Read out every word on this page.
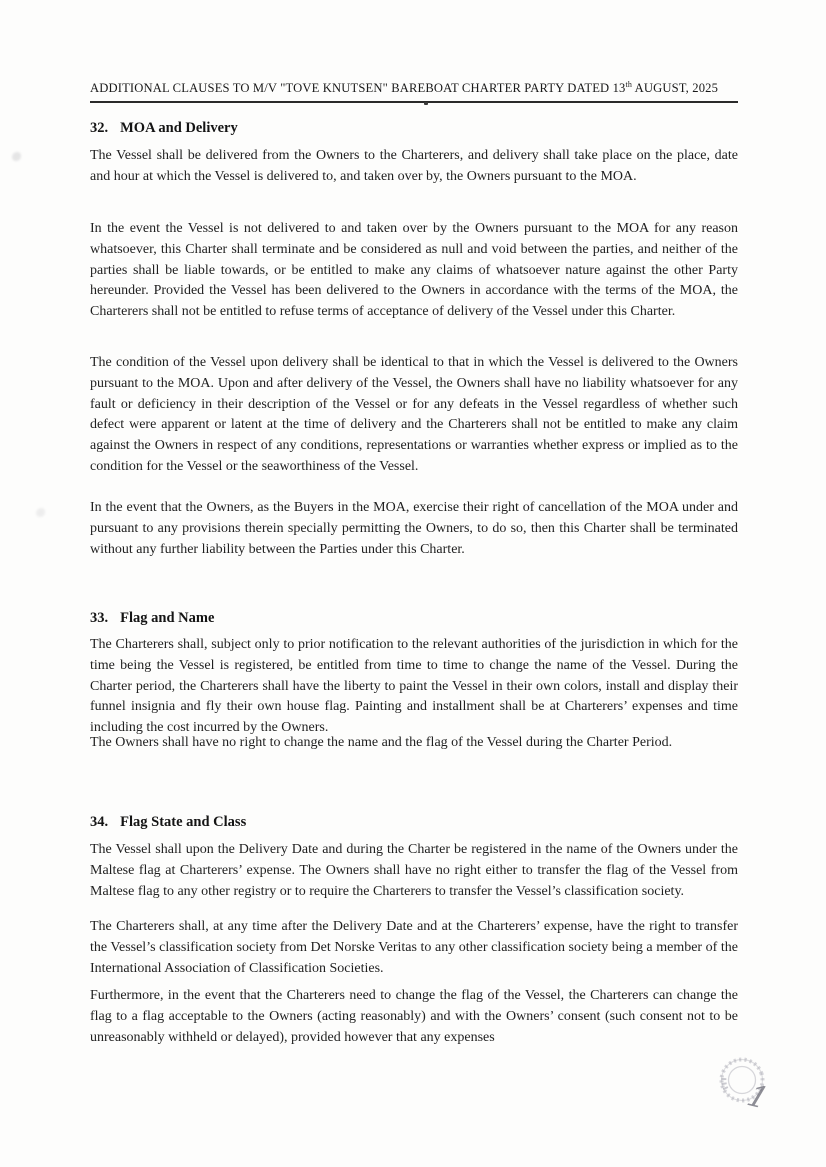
ADDITIONAL CLAUSES TO M/V "TOVE KNUTSEN" BAREBOAT CHARTER PARTY DATED 13th AUGUST, 2025
32. MOA and Delivery

The Vessel shall be delivered from the Owners to the Charterers, and delivery shall take place on the place, date and hour at which the Vessel is delivered to, and taken over by, the Owners pursuant to the MOA.

In the event the Vessel is not delivered to and taken over by the Owners pursuant to the MOA for any reason whatsoever, this Charter shall terminate and be considered as null and void between the parties, and neither of the parties shall be liable towards, or be entitled to make any claims of whatsoever nature against the other Party hereunder. Provided the Vessel has been delivered to the Owners in accordance with the terms of the MOA, the Charterers shall not be entitled to refuse terms of acceptance of delivery of the Vessel under this Charter.

The condition of the Vessel upon delivery shall be identical to that in which the Vessel is delivered to the Owners pursuant to the MOA. Upon and after delivery of the Vessel, the Owners shall have no liability whatsoever for any fault or deficiency in their description of the Vessel or for any defeats in the Vessel regardless of whether such defect were apparent or latent at the time of delivery and the Charterers shall not be entitled to make any claim against the Owners in respect of any conditions, representations or warranties whether express or implied as to the condition for the Vessel or the seaworthiness of the Vessel.

In the event that the Owners, as the Buyers in the MOA, exercise their right of cancellation of the MOA under and pursuant to any provisions therein specially permitting the Owners, to do so, then this Charter shall be terminated without any further liability between the Parties under this Charter.

33. Flag and Name

The Charterers shall, subject only to prior notification to the relevant authorities of the jurisdiction in which for the time being the Vessel is registered, be entitled from time to time to change the name of the Vessel. During the Charter period, the Charterers shall have the liberty to paint the Vessel in their own colors, install and display their funnel insignia and fly their own house flag. Painting and installment shall be at Charterers’ expenses and time including the cost incurred by the Owners.

The Owners shall have no right to change the name and the flag of the Vessel during the Charter Period.

34. Flag State and Class

The Vessel shall upon the Delivery Date and during the Charter be registered in the name of the Owners under the Maltese flag at Charterers’ expense. The Owners shall have no right either to transfer the flag of the Vessel from Maltese flag to any other registry or to require the Charterers to transfer the Vessel’s classification society.

The Charterers shall, at any time after the Delivery Date and at the Charterers’ expense, have the right to transfer the Vessel’s classification society from Det Norske Veritas to any other classification society being a member of the International Association of Classification Societies.

Furthermore, in the event that the Charterers need to change the flag of the Vessel, the Charterers can change the flag to a flag acceptable to the Owners (acting reasonably) and with the Owners’ consent (such consent not to be unreasonably withheld or delayed), provided however that any expenses

1
